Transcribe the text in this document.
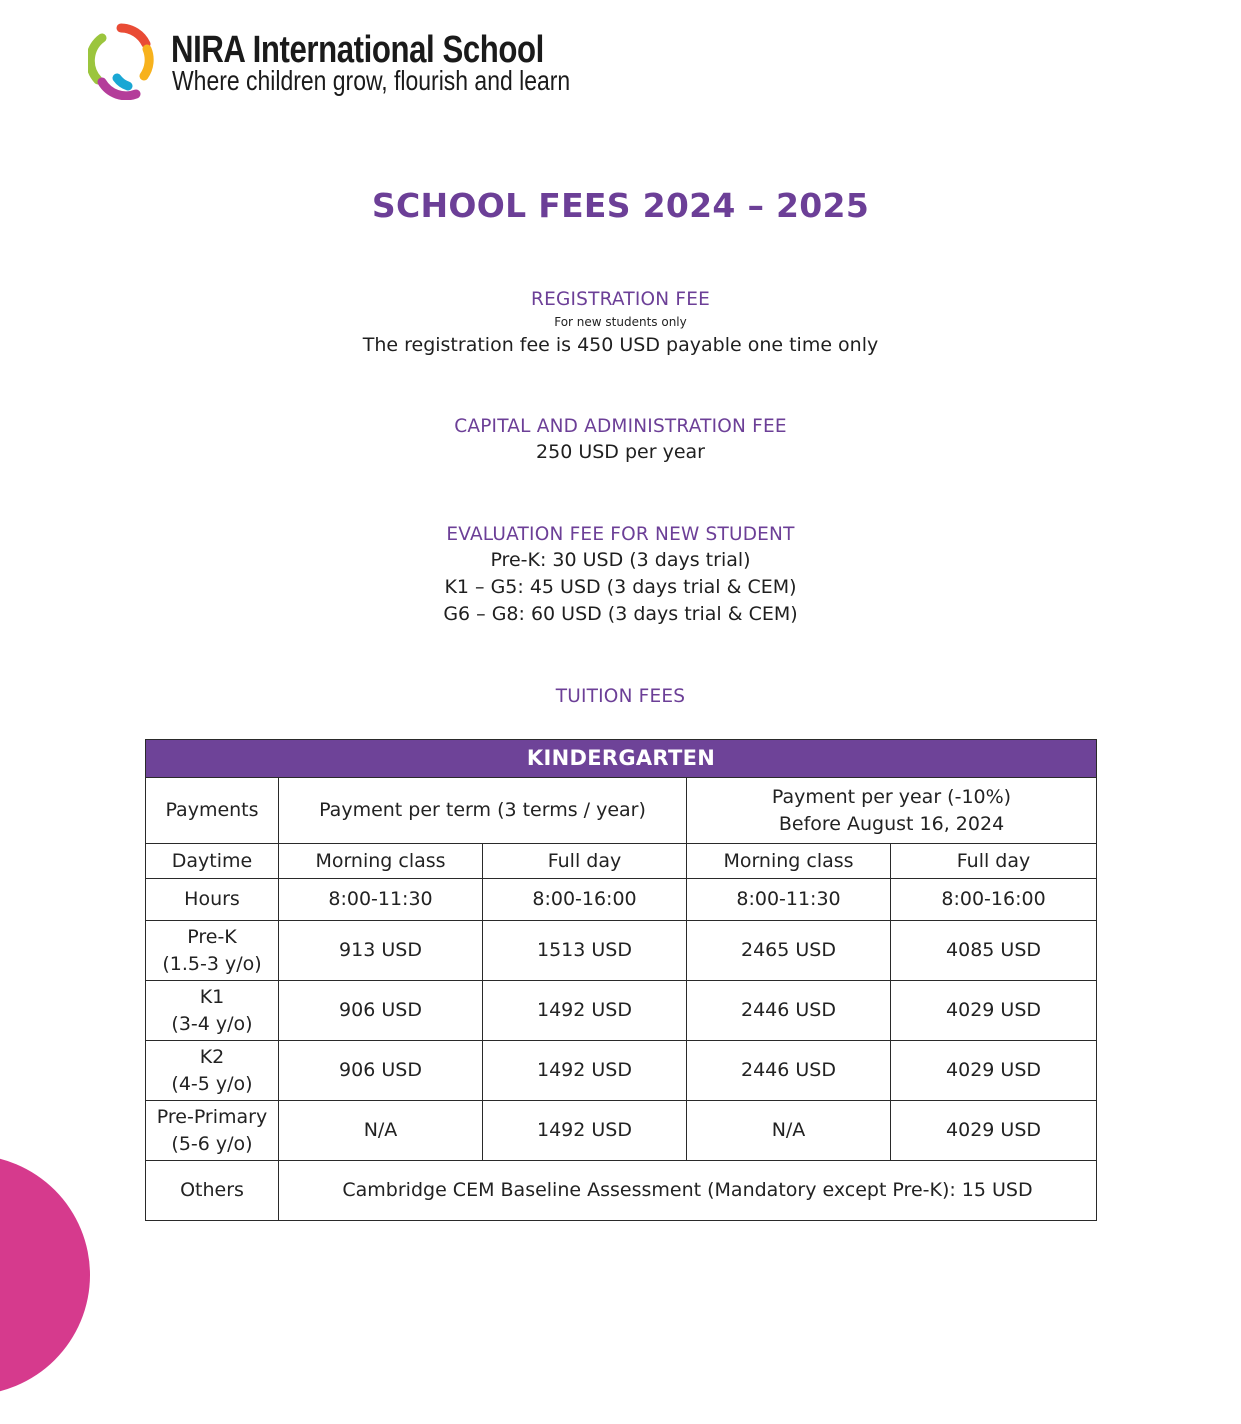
NIRA International School
Where children grow, flourish and learn
SCHOOL FEES 2024 – 2025
REGISTRATION FEE
For new students only
The registration fee is 450 USD payable one time only
CAPITAL AND ADMINISTRATION FEE
250 USD per year
EVALUATION FEE FOR NEW STUDENT
Pre-K: 30 USD (3 days trial)
K1 – G5: 45 USD (3 days trial & CEM)
G6 – G8: 60 USD (3 days trial & CEM)
TUITION FEES
KINDERGARTEN				
Payments	Payment per term (3 terms / year)		Payment per year (-10%)
Before August 16, 2024	

Daytime	Morning class	Full day	Morning class	Full day
Hours	8:00-11:30	8:00-16:00	8:00-11:30	8:00-16:00

Pre-K
(1.5-3 y/o)	913 USD	1513 USD	2465 USD	4085 USD

K1
(3-4 y/o)	906 USD	1492 USD	2446 USD	4029 USD

K2
(4-5 y/o)	906 USD	1492 USD	2446 USD	4029 USD

Pre-Primary
(5-6 y/o)	N/A	1492 USD	N/A	4029 USD
Others	Cambridge CEM Baseline Assessment (Mandatory except Pre-K): 15 USD			
